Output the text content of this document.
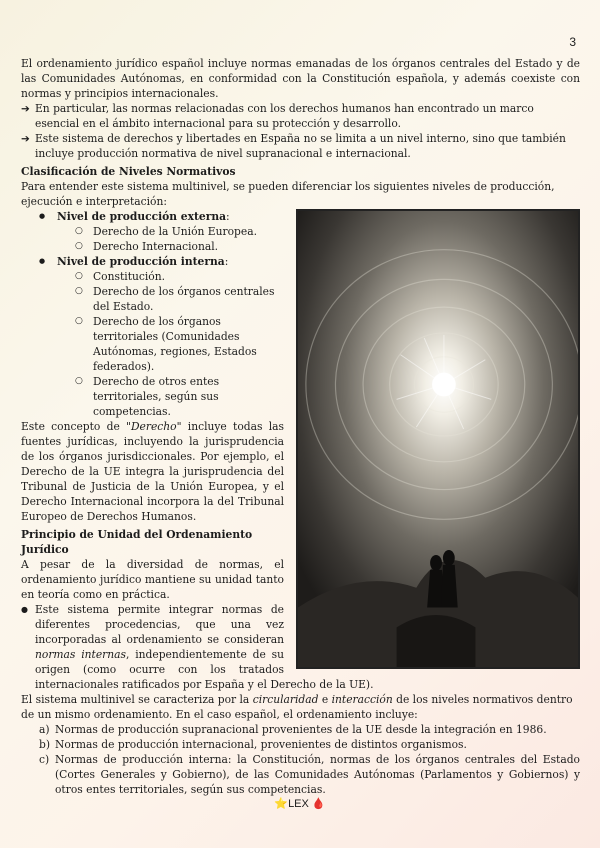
3

El ordenamiento jurídico español incluye normas emanadas de los órganos centrales del Estado y de las Comunidades Autónomas, en conformidad con la Constitución española, y además coexiste con normas y principios internacionales.

➔ En particular, las normas relacionadas con los derechos humanos han encontrado un marco esencial en el ámbito internacional para su protección y desarrollo.
➔ Este sistema de derechos y libertades en España no se limita a un nivel interno, sino que también incluye producción normativa de nivel supranacional e internacional.

Clasificación de Niveles Normativos

Para entender este sistema multinivel, se pueden diferenciar los siguientes niveles de producción, ejecución e interpretación:

● Nivel de producción externa:
○ Derecho de la Unión Europea.
○ Derecho Internacional.
● Nivel de producción interna:
○ Constitución.
○ Derecho de los órganos centrales del Estado.
○ Derecho de los órganos territoriales (Comunidades Autónomas, regiones, Estados federados).
○ Derecho de otros entes territoriales, según sus competencias.

Este concepto de "Derecho" incluye todas las fuentes jurídicas, incluyendo la jurisprudencia de los órganos jurisdiccionales. Por ejemplo, el Derecho de la UE integra la jurisprudencia del Tribunal de Justicia de la Unión Europea, y el Derecho Internacional incorpora la del Tribunal Europeo de Derechos Humanos.

Principio de Unidad del Ordenamiento Jurídico

A pesar de la diversidad de normas, el ordenamiento jurídico mantiene su unidad tanto en teoría como en práctica.

● Este sistema permite integrar normas de diferentes procedencias, que una vez incorporadas al ordenamiento se consideran normas internas, independientemente de su origen (como ocurre con los tratados internacionales ratificados por España y el Derecho de la UE).

El sistema multinivel se caracteriza por la circularidad e interacción de los niveles normativos dentro de un mismo ordenamiento. En el caso español, el ordenamiento incluye:

a) Normas de producción supranacional provenientes de la UE desde la integración en 1986.
b) Normas de producción internacional, provenientes de distintos organismos.
c) Normas de producción interna: la Constitución, normas de los órganos centrales del Estado (Cortes Generales y Gobierno), de las Comunidades Autónomas (Parlamentos y Gobiernos) y otros entes territoriales, según sus competencias.
⭐LEX 🩸
